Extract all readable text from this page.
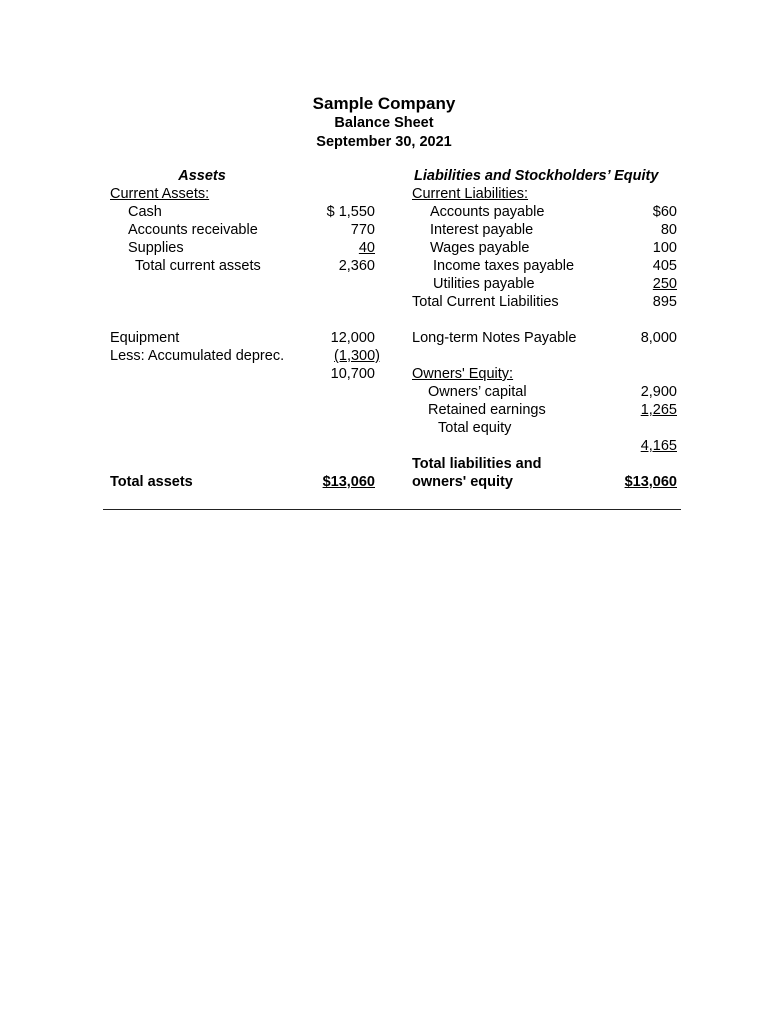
Sample Company
Balance Sheet
September 30, 2021
Assets
Current Assets:
Cash	$ 1,550
Accounts receivable	770
Supplies	40
Total current assets	2,360
Equipment	12,000
Less: Accumulated deprec.	(1,300)
10,700
Total assets	$13,060
Liabilities and Stockholders’ Equity
Current Liabilities:
Accounts payable	$60
Interest payable	80
Wages payable	100
Income taxes payable	405
Utilities payable	250
Total Current Liabilities	895
Long-term Notes Payable	8,000
Owners' Equity:
Owners’ capital	2,900
Retained earnings	1,265
Total equity
4,165
Total liabilities and
owners' equity	$13,060
